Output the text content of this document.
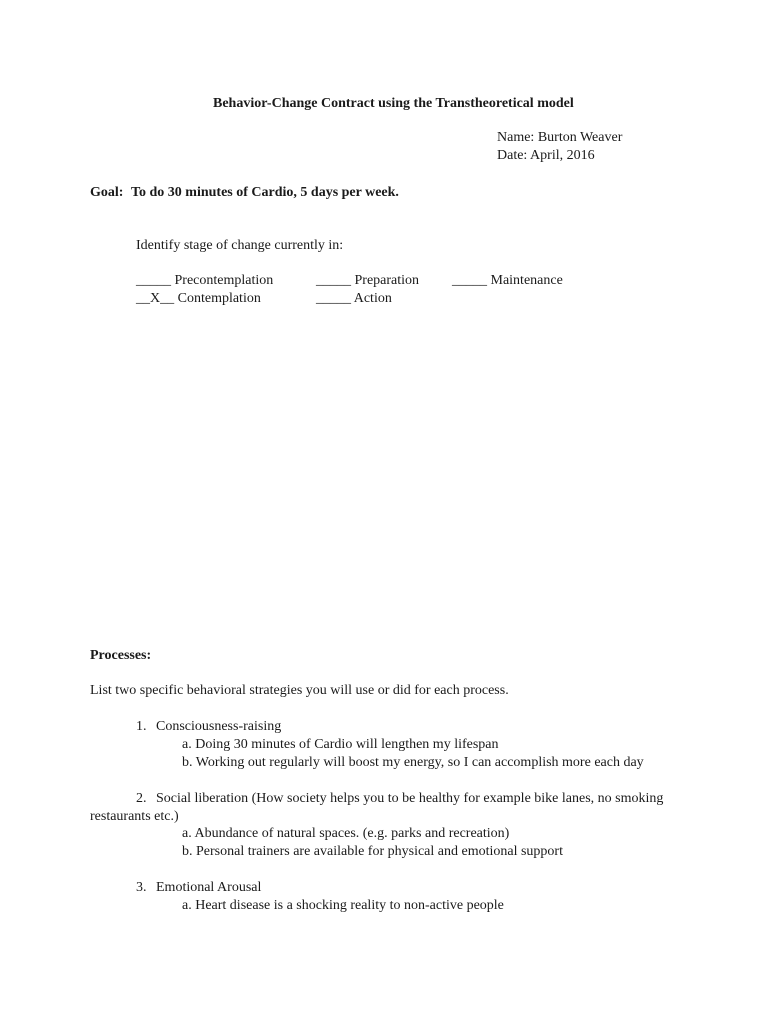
Behavior-Change Contract using the Transtheoretical model
Name: Burton Weaver
Date: April, 2016
Goal: To do 30 minutes of Cardio, 5 days per week.
Identify stage of change currently in:
_____ Precontemplation	_____ Preparation _____ Maintenance
__X__ Contemplation	_____ Action
Processes:
List two specific behavioral strategies you will use or did for each process.
1. Consciousness-raising
a. Doing 30 minutes of Cardio will lengthen my lifespan
b. Working out regularly will boost my energy, so I can accomplish more each day
2. Social liberation (How society helps you to be healthy for example bike lanes, no smoking
restaurants etc.)
a. Abundance of natural spaces. (e.g. parks and recreation)
b. Personal trainers are available for physical and emotional support
3. Emotional Arousal
a. Heart disease is a shocking reality to non-active people
